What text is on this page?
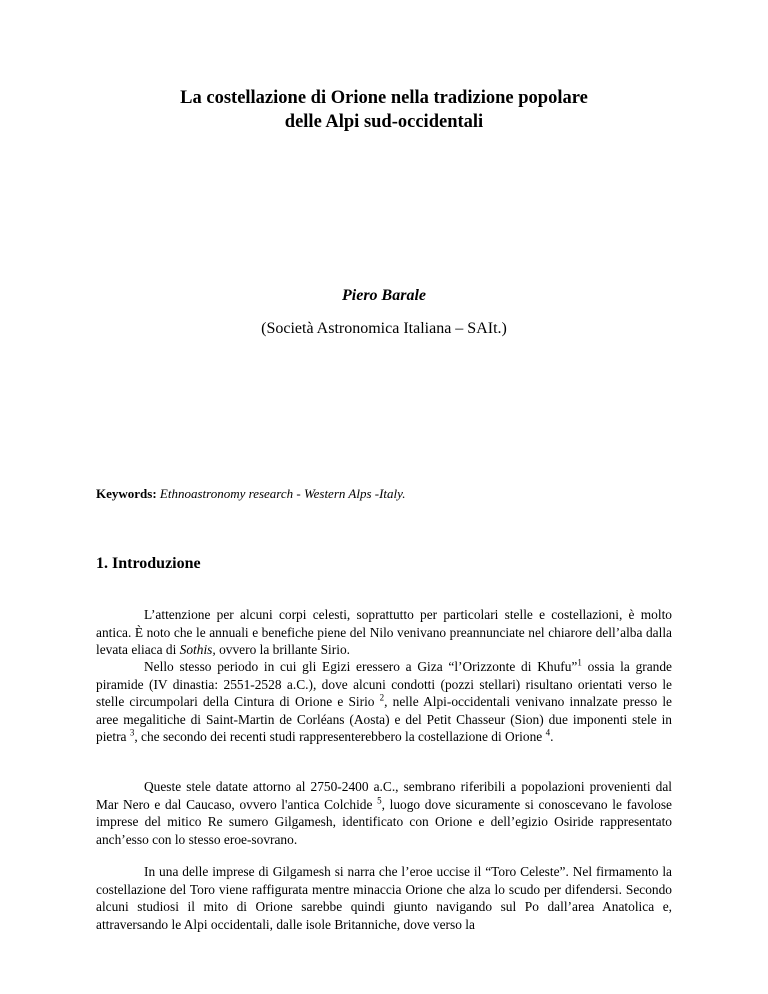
La costellazione di Orione nella tradizione popolare
delle Alpi sud-occidentali

Piero Barale

(Società Astronomica Italiana – SAIt.)

Keywords: Ethnoastronomy research - Western Alps -Italy.

1. Introduzione

L’attenzione per alcuni corpi celesti, soprattutto per particolari stelle e costellazioni, è molto antica. È noto che le annuali e benefiche piene del Nilo venivano preannunciate nel chiarore dell’alba dalla levata eliaca di Sothis, ovvero la brillante Sirio.

Nello stesso periodo in cui gli Egizi eressero a Giza “l’Orizzonte di Khufu”$^1$ ossia la grande piramide (IV dinastia: 2551-2528 a.C.), dove alcuni condotti (pozzi stellari) risultano orientati verso le stelle circumpolari della Cintura di Orione e Sirio $^2$, nelle Alpi-occidentali venivano innalzate presso le aree megalitiche di Saint-Martin de Corléans (Aosta) e del Petit Chasseur (Sion) due imponenti stele in pietra $^3$, che secondo dei recenti studi rappresenterebbero la costellazione di Orione $^4$.

Queste stele datate attorno al 2750-2400 a.C., sembrano riferibili a popolazioni provenienti dal Mar Nero e dal Caucaso, ovvero l'antica Colchide $^5$, luogo dove sicuramente si conoscevano le favolose imprese del mitico Re sumero Gilgamesh, identificato con Orione e dell’egizio Osiride rappresentato anch’esso con lo stesso eroe-sovrano.

In una delle imprese di Gilgamesh si narra che l’eroe uccise il “Toro Celeste”. Nel firmamento la costellazione del Toro viene raffigurata mentre minaccia Orione che alza lo scudo per difendersi. Secondo alcuni studiosi il mito di Orione sarebbe quindi giunto navigando sul Po dall’area Anatolica e, attraversando le Alpi occidentali, dalle isole Britanniche, dove verso la
